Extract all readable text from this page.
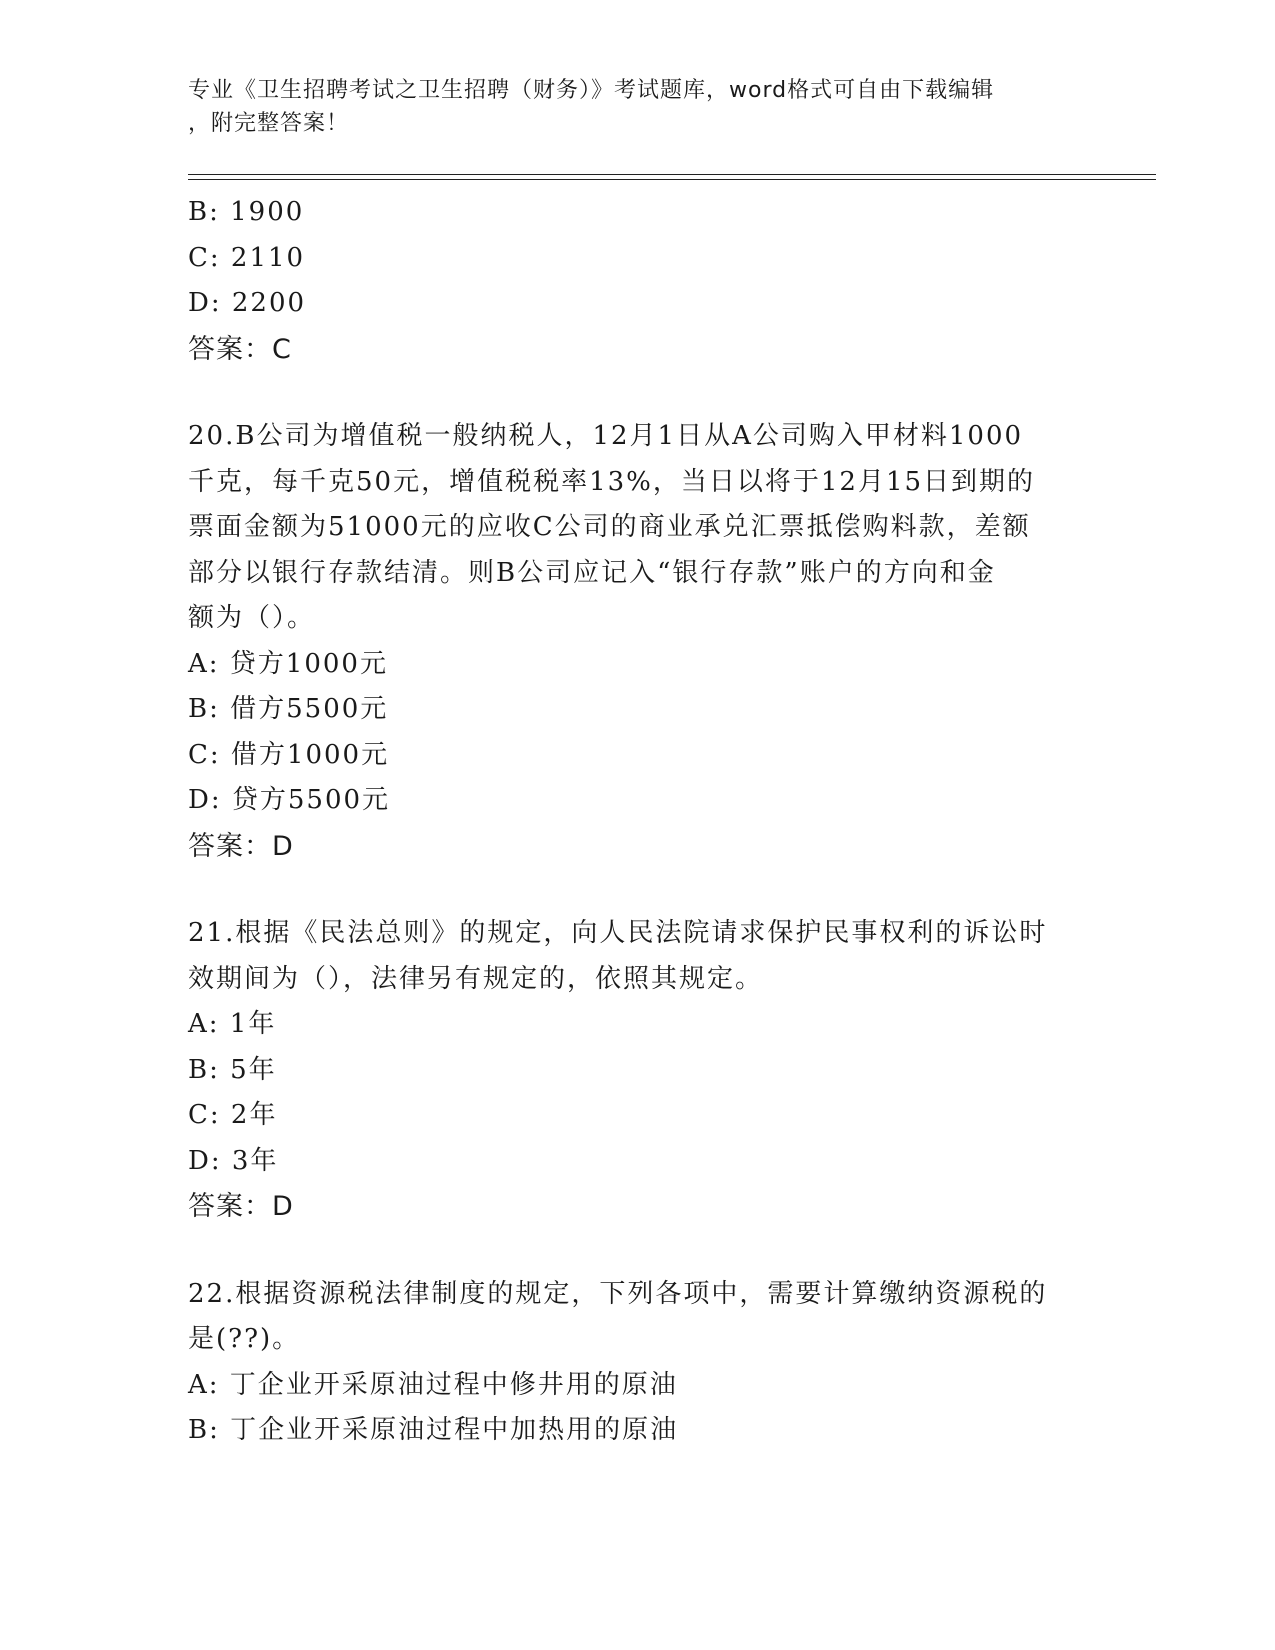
专业《卫生招聘考试之卫生招聘（财务）》考试题库，word格式可自由下载编辑
，附完整答案！
B: 1900
C: 2110
D: 2200
答案：C
20.B公司为增值税一般纳税人，12月1日从A公司购入甲材料1000
千克，每千克50元，增值税税率13%，当日以将于12月15日到期的
票面金额为51000元的应收C公司的商业承兑汇票抵偿购料款，差额
部分以银行存款结清。则B公司应记入“银行存款”账户的方向和金
额为（）。
A: 贷方1000元
B: 借方5500元
C: 借方1000元
D: 贷方5500元
答案：D
21.根据《民法总则》的规定，向人民法院请求保护民事权利的诉讼时
效期间为（），法律另有规定的，依照其规定。
A: 1年
B: 5年
C: 2年
D: 3年
答案：D
22.根据资源税法律制度的规定，下列各项中，需要计算缴纳资源税的
是(??)。
A: 丁企业开采原油过程中修井用的原油
B: 丁企业开采原油过程中加热用的原油
